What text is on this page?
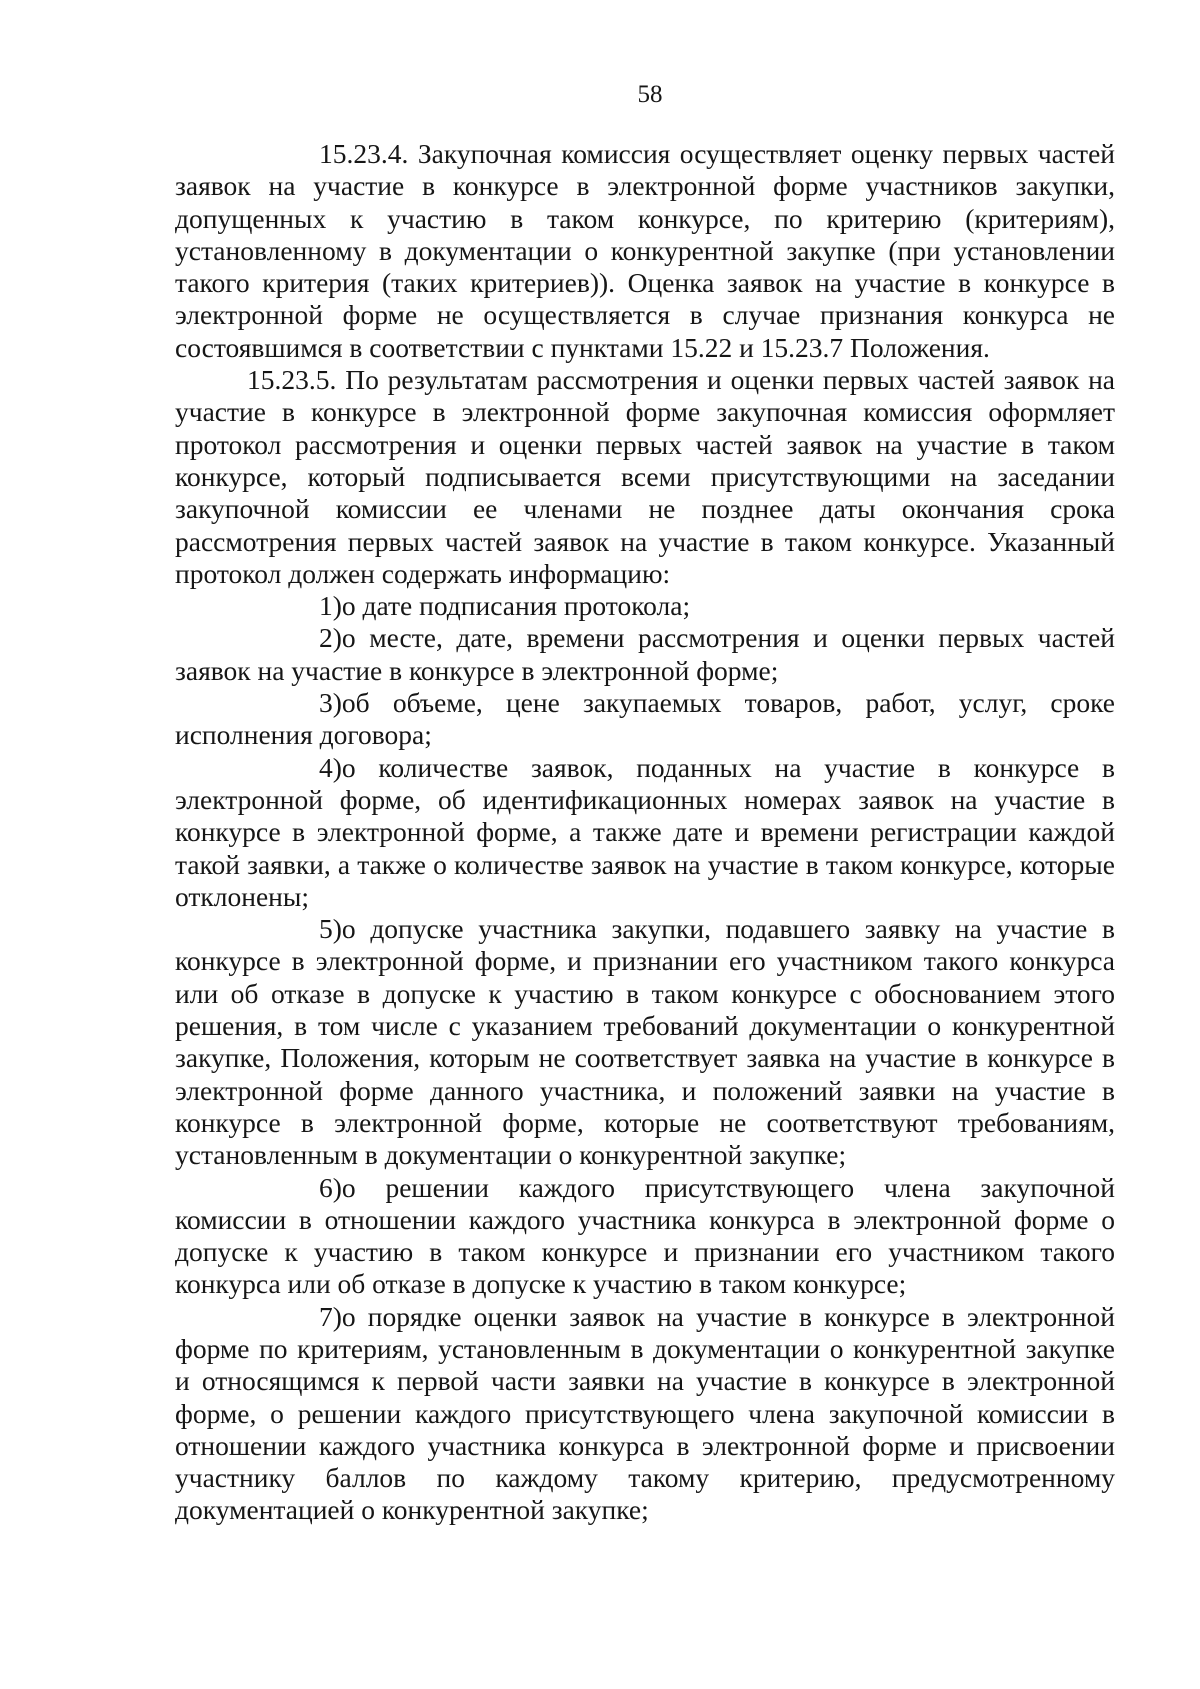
58

15.23.4. Закупочная комиссия осуществляет оценку первых частей заявок на участие в конкурсе в электронной форме участников закупки, допущенных к участию в таком конкурсе, по критерию (критериям), установленному в документации о конкурентной закупке (при установлении такого критерия (таких критериев)). Оценка заявок на участие в конкурсе в электронной форме не осуществляется в случае признания конкурса не состоявшимся в соответствии с пунктами 15.22 и 15.23.7 Положения.

15.23.5. По результатам рассмотрения и оценки первых частей заявок на участие в конкурсе в электронной форме закупочная комиссия оформляет протокол рассмотрения и оценки первых частей заявок на участие в таком конкурсе, который подписывается всеми присутствующими на заседании закупочной комиссии ее членами не позднее даты окончания срока рассмотрения первых частей заявок на участие в таком конкурсе. Указанный протокол должен содержать информацию:

1)о дате подписания протокола;

2)о месте, дате, времени рассмотрения и оценки первых частей заявок на участие в конкурсе в электронной форме;

3)об объеме, цене закупаемых товаров, работ, услуг, сроке исполнения договора;

4)о количестве заявок, поданных на участие в конкурсе в электронной форме, об идентификационных номерах заявок на участие в конкурсе в электронной форме, а также дате и времени регистрации каждой такой заявки, а также о количестве заявок на участие в таком конкурсе, которые отклонены;

5)о допуске участника закупки, подавшего заявку на участие в конкурсе в электронной форме, и признании его участником такого конкурса или об отказе в допуске к участию в таком конкурсе с обоснованием этого решения, в том числе с указанием требований документации о конкурентной закупке, Положения, которым не соответствует заявка на участие в конкурсе в электронной форме данного участника, и положений заявки на участие в конкурсе в электронной форме, которые не соответствуют требованиям, установленным в документации о конкурентной закупке;

6)о решении каждого присутствующего члена закупочной комиссии в отношении каждого участника конкурса в электронной форме о допуске к участию в таком конкурсе и признании его участником такого конкурса или об отказе в допуске к участию в таком конкурсе;

7)о порядке оценки заявок на участие в конкурсе в электронной форме по критериям, установленным в документации о конкурентной закупке и относящимся к первой части заявки на участие в конкурсе в электронной форме, о решении каждого присутствующего члена закупочной комиссии в отношении каждого участника конкурса в электронной форме и присвоении участнику баллов по каждому такому критерию, предусмотренному документацией о конкурентной закупке;
